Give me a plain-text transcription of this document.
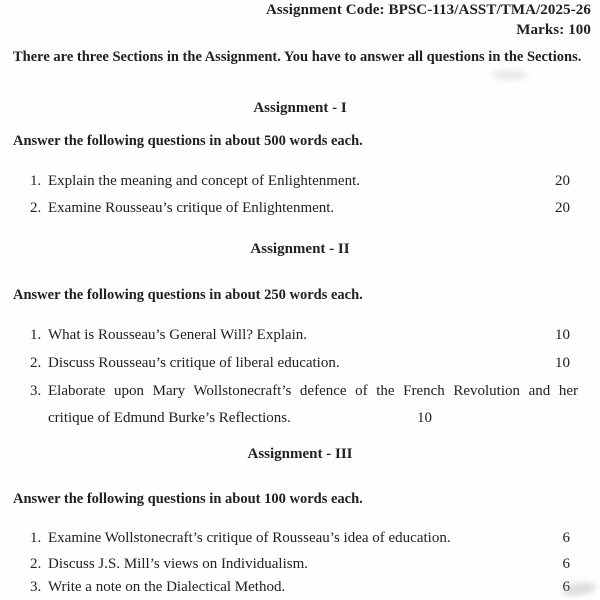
Assignment Code: BPSC-113/ASST/TMA/2025-26
Marks: 100
There are three Sections in the Assignment. You have to answer all questions in the Sections.
Assignment - I
Answer the following questions in about 500 words each.
1. Explain the meaning and concept of Enlightenment.	20
2. Examine Rousseau’s critique of Enlightenment.	20
Assignment - II
Answer the following questions in about 250 words each.
1. What is Rousseau’s General Will? Explain.	10
2. Discuss Rousseau’s critique of liberal education.	10
3. Elaborate upon Mary Wollstonecraft’s defence of the French Revolution and her critique of Edmund Burke’s Reflections.	10
Assignment - III
Answer the following questions in about 100 words each.
1. Examine Wollstonecraft’s critique of Rousseau’s idea of education.	6
2. Discuss J.S. Mill’s views on Individualism.	6
3. Write a note on the Dialectical Method.	6
